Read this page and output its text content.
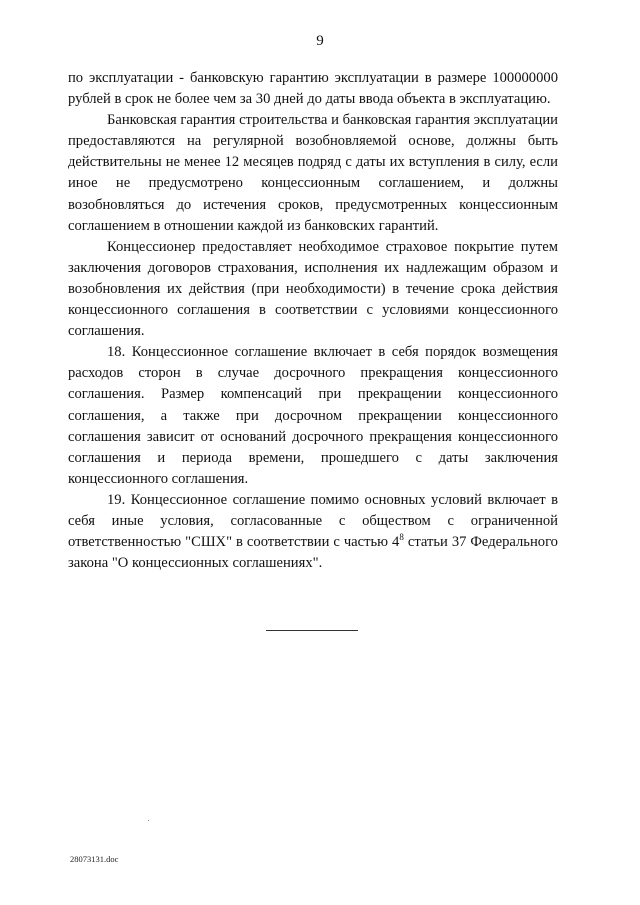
9

по эксплуатации - банковскую гарантию эксплуатации в размере 100000000 рублей в срок не более чем за 30 дней до даты ввода объекта в эксплуатацию.

Банковская гарантия строительства и банковская гарантия эксплуатации предоставляются на регулярной возобновляемой основе, должны быть действительны не менее 12 месяцев подряд с даты их вступления в силу, если иное не предусмотрено концессионным соглашением, и должны возобновляться до истечения сроков, предусмотренных концессионным соглашением в отношении каждой из банковских гарантий.

Концессионер предоставляет необходимое страховое покрытие путем заключения договоров страхования, исполнения их надлежащим образом и возобновления их действия (при необходимости) в течение срока действия концессионного соглашения в соответствии с условиями концессионного соглашения.

18. Концессионное соглашение включает в себя порядок возмещения расходов сторон в случае досрочного прекращения концессионного соглашения. Размер компенсаций при прекращении концессионного соглашения, а также при досрочном прекращении концессионного соглашения зависит от оснований досрочного прекращения концессионного соглашения и периода времени, прошедшего с даты заключения концессионного соглашения.

19. Концессионное соглашение помимо основных условий включает в себя иные условия, согласованные с обществом с ограниченной ответственностью "СШХ" в соответствии с частью $4^8$ статьи 37 Федерального закона "О концессионных соглашениях".

28073131.doc
